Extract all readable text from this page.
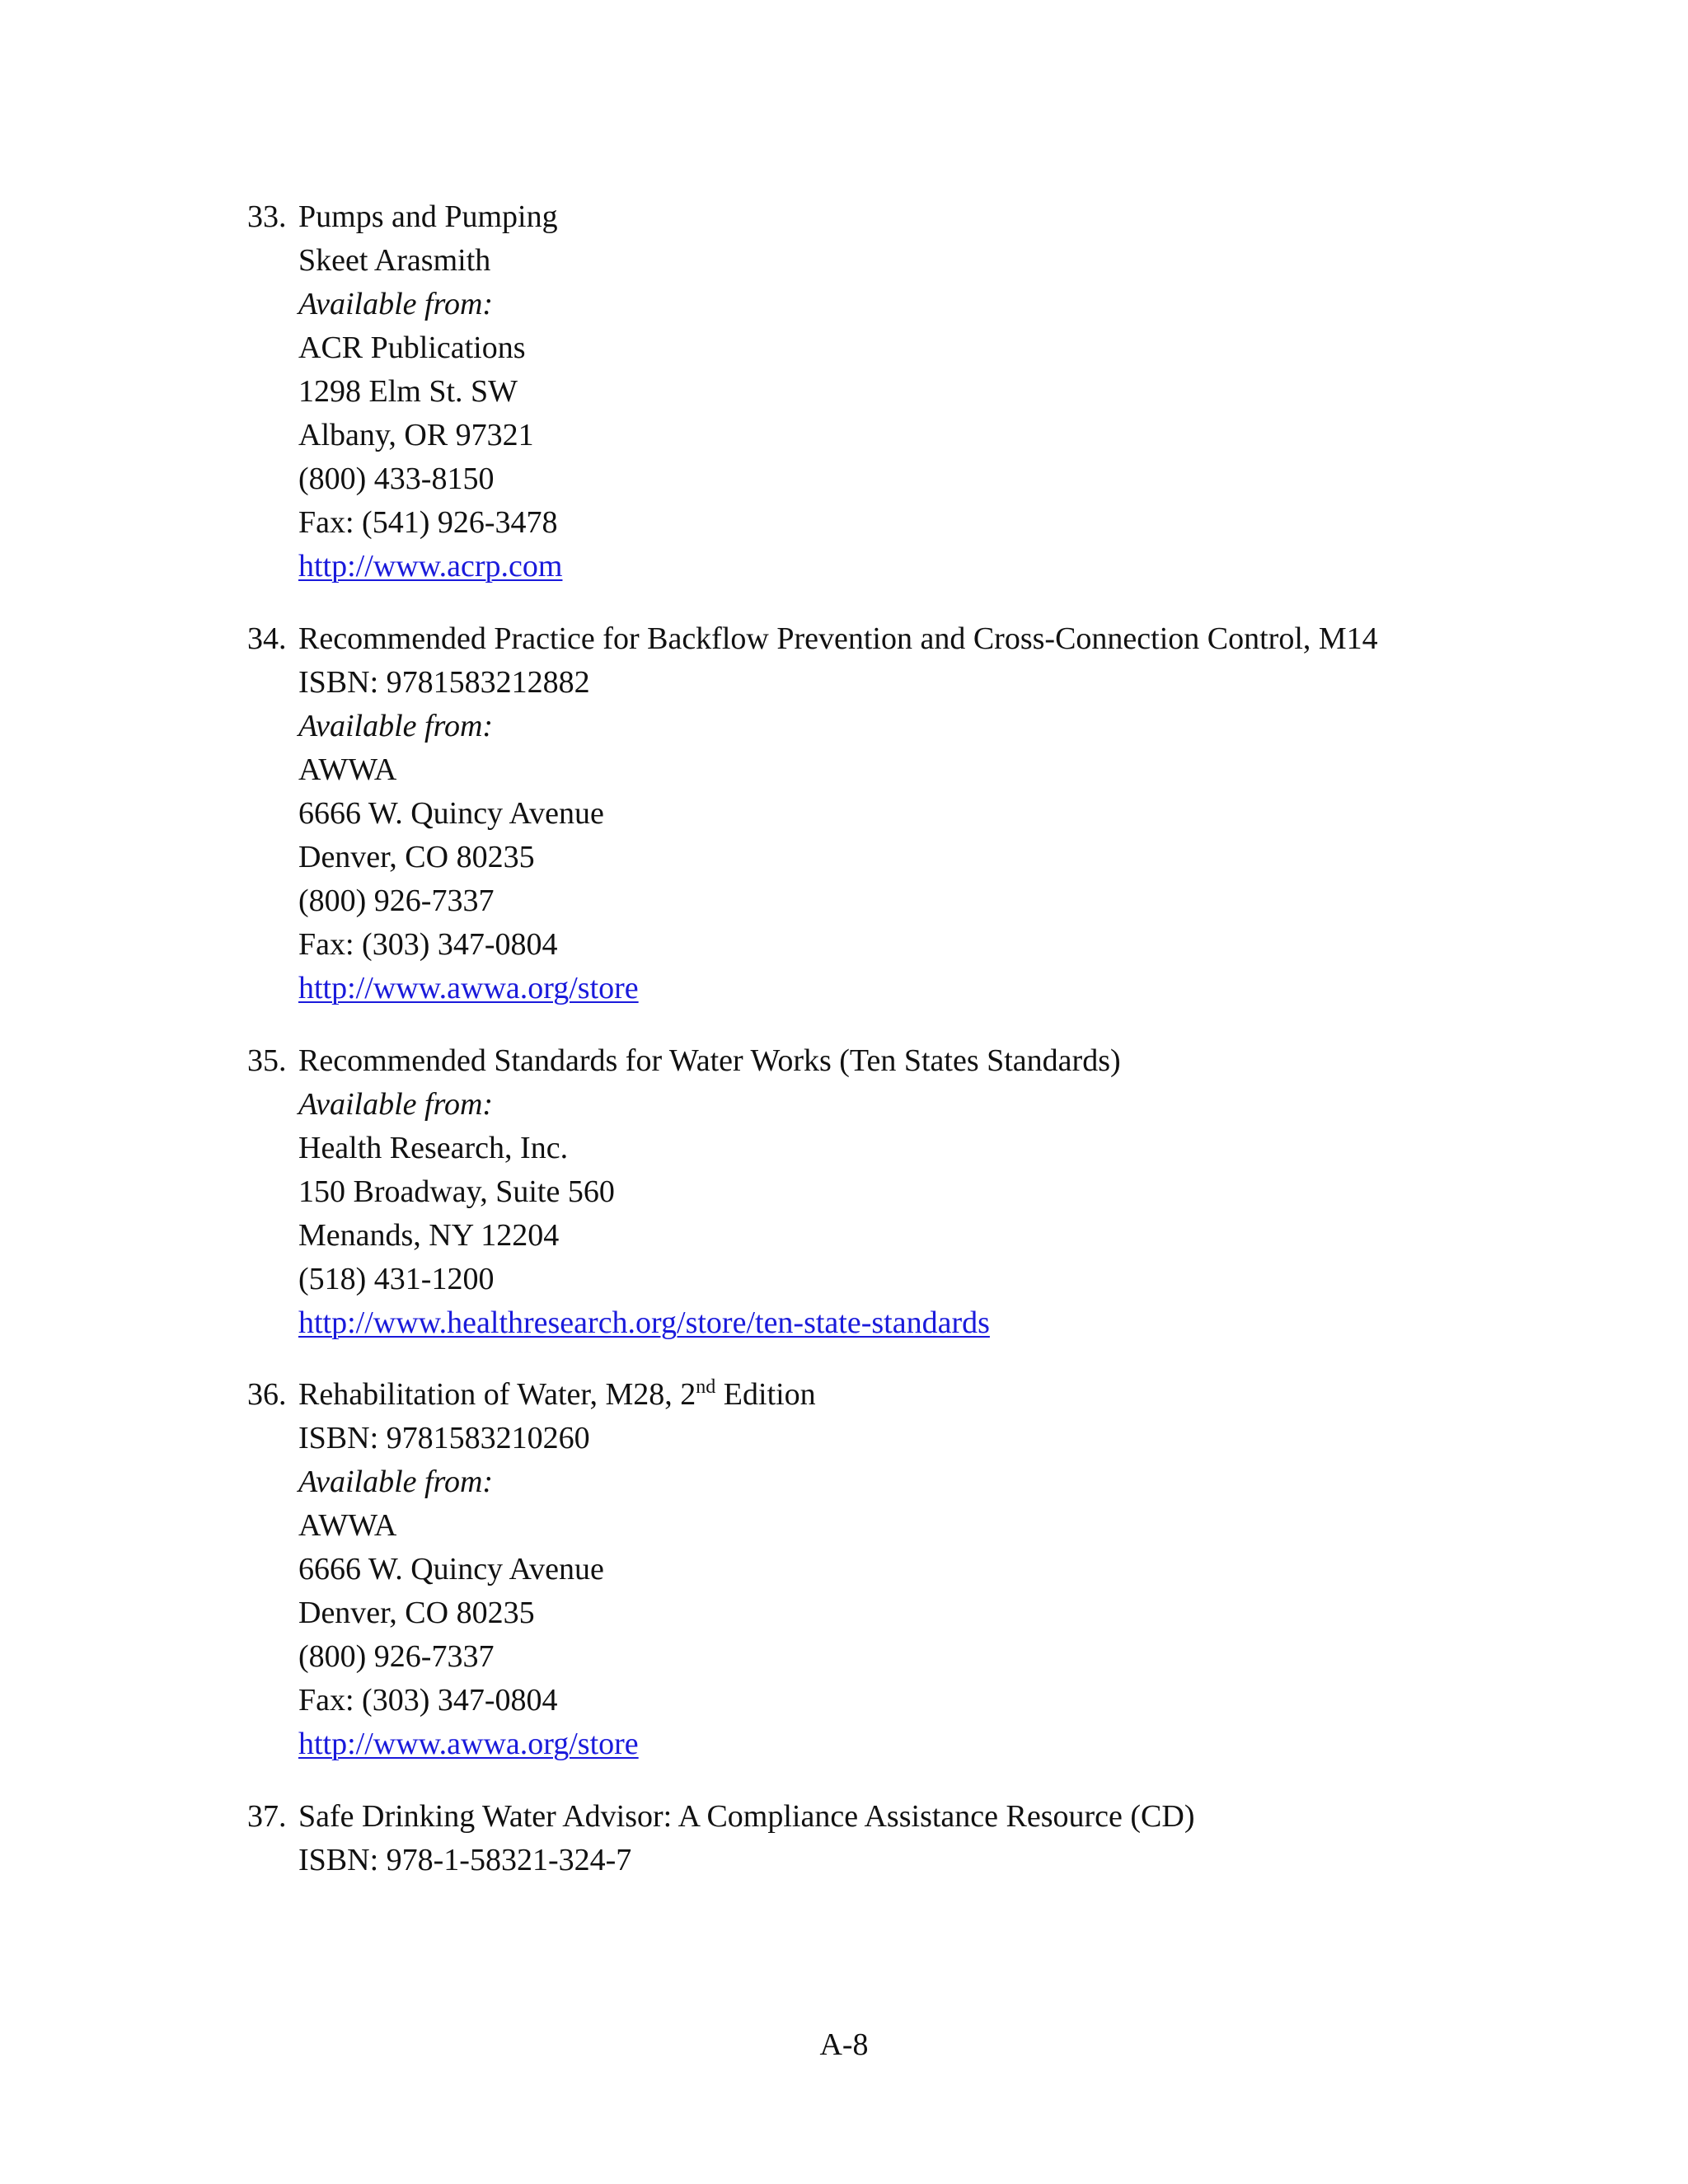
33. Pumps and Pumping
Skeet Arasmith
Available from:
ACR Publications
1298 Elm St. SW
Albany, OR 97321
(800) 433-8150
Fax: (541) 926-3478
http://www.acrp.com
34. Recommended Practice for Backflow Prevention and Cross-Connection Control, M14
ISBN: 9781583212882
Available from:
AWWA
6666 W. Quincy Avenue
Denver, CO 80235
(800) 926-7337
Fax: (303) 347-0804
http://www.awwa.org/store
35. Recommended Standards for Water Works (Ten States Standards)
Available from:
Health Research, Inc.
150 Broadway, Suite 560
Menands, NY 12204
(518) 431-1200
http://www.healthresearch.org/store/ten-state-standards
36. Rehabilitation of Water, M28, 2nd Edition
ISBN: 9781583210260
Available from:
AWWA
6666 W. Quincy Avenue
Denver, CO 80235
(800) 926-7337
Fax: (303) 347-0804
http://www.awwa.org/store
37. Safe Drinking Water Advisor: A Compliance Assistance Resource (CD)
ISBN: 978-1-58321-324-7
A-8
